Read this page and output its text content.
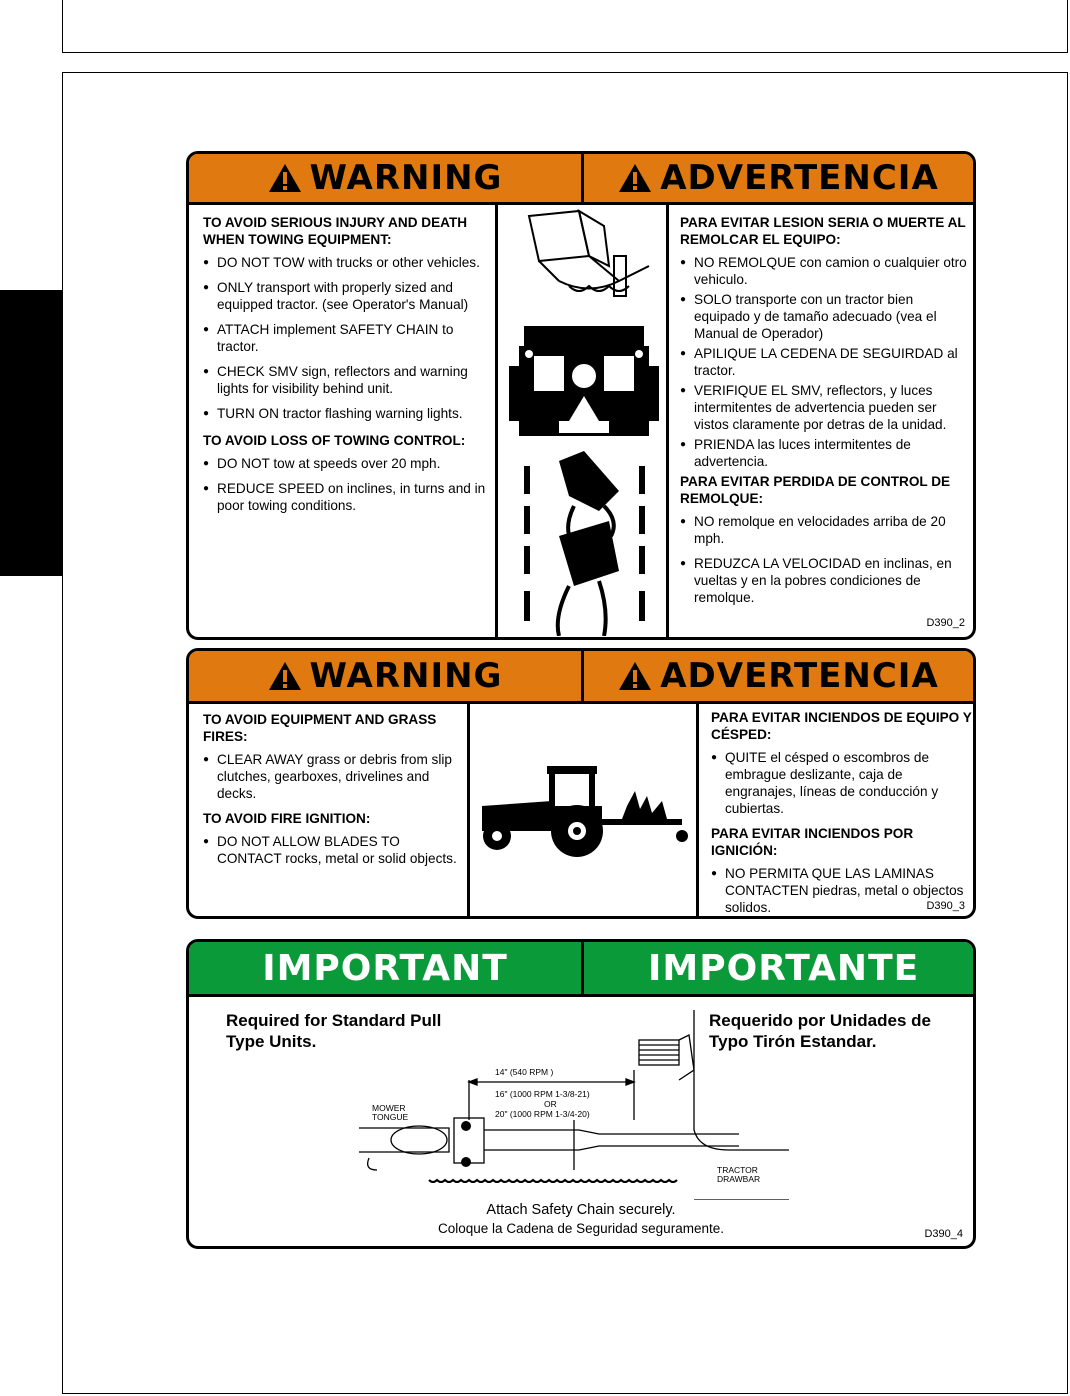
WARNING	ADVERTENCIA
TO AVOID SERIOUS INJURY AND DEATH WHEN TOWING EQUIPMENT:
● DO NOT TOW with trucks or other vehicles.
● ONLY transport with properly sized and equipped tractor. (see Operator's Manual)
● ATTACH implement SAFETY CHAIN to tractor.
● CHECK SMV sign, reflectors and warning lights for visibility behind unit.
● TURN ON tractor flashing warning lights.
TO AVOID LOSS OF TOWING CONTROL:
● DO NOT tow at speeds over 20 mph.
● REDUCE SPEED on inclines, in turns and in poor towing conditions.
PARA EVITAR LESION SERIA O MUERTE AL REMOLCAR EL EQUIPO:
● NO REMOLQUE con camion o cualquier otro vehiculo.
● SOLO transporte con un tractor bien equipado y de tamaño adecuado (vea el Manual de Operador)
● APILIQUE LA CEDENA DE SEGUIRDAD al tractor.
● VERIFIQUE EL SMV, reflectors, y luces intermitentes de advertencia pueden ser vistos claramente por detras de la unidad.
● PRIENDA las luces intermitentes de advertencia.
PARA EVITAR PERDIDA DE CONTROL DE REMOLQUE:
● NO remolque en velocidades arriba de 20 mph.
● REDUZCA LA VELOCIDAD en inclinas, en vueltas y en la pobres condiciones de remolque.
D390_2
WARNING	ADVERTENCIA
TO AVOID EQUIPMENT AND GRASS FIRES:
● CLEAR AWAY grass or debris from slip clutches, gearboxes, drivelines and decks.
TO AVOID FIRE IGNITION:
● DO NOT ALLOW BLADES TO CONTACT rocks, metal or solid objects.
PARA EVITAR INCIENDOS DE EQUIPO Y CÉSPED:
● QUITE el césped o escombros de embrague deslizante, caja de engranajes, líneas de conducción y cubiertas.
PARA EVITAR INCIENDOS POR IGNICIÓN:
● NO PERMITA QUE LAS LAMINAS CONTACTEN piedras, metal o objectos solidos.	D390_3
IMPORTANT	IMPORTANTE
Required for Standard Pull Type Units.
Requerido por Unidades de Typo Tirón Estandar.
14" (540 RPM )
16" (1000 RPM 1-3/8-21)
OR
20" (1000 RPM 1-3/4-20)
MOWER TONGUE
TRACTOR DRAWBAR
Attach Safety Chain securely.
Coloque la Cadena de Seguridad seguramente.	D390_4
